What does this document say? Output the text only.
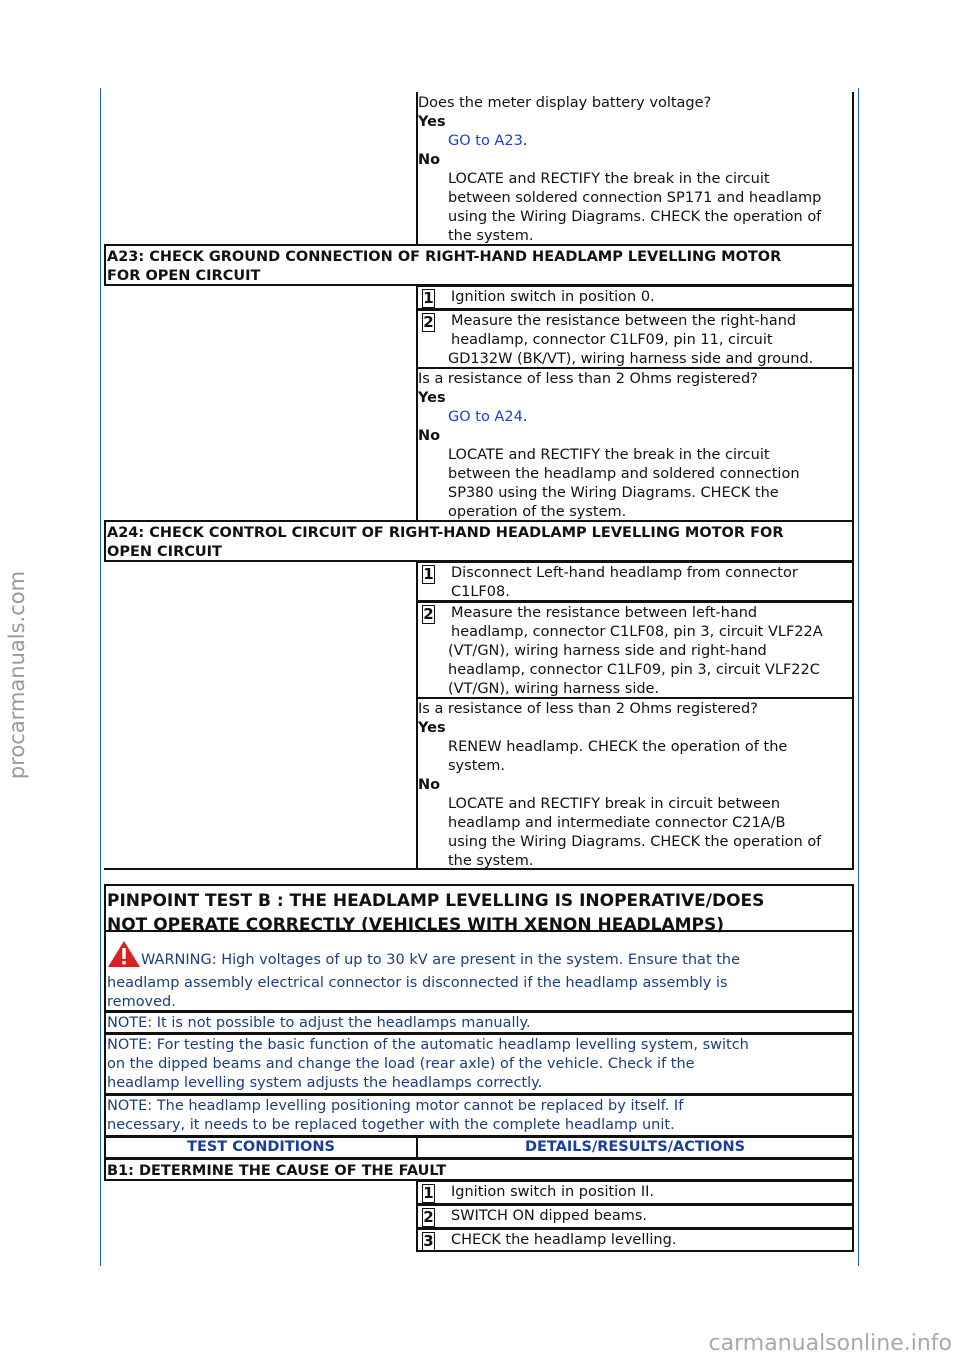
procarmanuals.com
carmanualsonline.info
Does the meter display battery voltage?
Yes
GO to A23.
No
LOCATE and RECTIFY the break in the circuit
between soldered connection SP171 and headlamp
using the Wiring Diagrams. CHECK the operation of
the system.
A23: CHECK GROUND CONNECTION OF RIGHT-HAND HEADLAMP LEVELLING MOTOR
FOR OPEN CIRCUIT
1 Ignition switch in position 0.
2 Measure the resistance between the right-hand
headlamp, connector C1LF09, pin 11, circuit
GD132W (BK/VT), wiring harness side and ground.
Is a resistance of less than 2 Ohms registered?
Yes
GO to A24.
No
LOCATE and RECTIFY the break in the circuit
between the headlamp and soldered connection
SP380 using the Wiring Diagrams. CHECK the
operation of the system.
A24: CHECK CONTROL CIRCUIT OF RIGHT-HAND HEADLAMP LEVELLING MOTOR FOR
OPEN CIRCUIT
1 Disconnect Left-hand headlamp from connector
C1LF08.
2 Measure the resistance between left-hand
headlamp, connector C1LF08, pin 3, circuit VLF22A
(VT/GN), wiring harness side and right-hand
headlamp, connector C1LF09, pin 3, circuit VLF22C
(VT/GN), wiring harness side.
Is a resistance of less than 2 Ohms registered?
Yes
RENEW headlamp. CHECK the operation of the
system.
No
LOCATE and RECTIFY break in circuit between
headlamp and intermediate connector C21A/B
using the Wiring Diagrams. CHECK the operation of
the system.
PINPOINT TEST B : THE HEADLAMP LEVELLING IS INOPERATIVE/DOES
NOT OPERATE CORRECTLY (VEHICLES WITH XENON HEADLAMPS)
WARNING: High voltages of up to 30 kV are present in the system. Ensure that the
headlamp assembly electrical connector is disconnected if the headlamp assembly is
removed.
NOTE: It is not possible to adjust the headlamps manually.
NOTE: For testing the basic function of the automatic headlamp levelling system, switch
on the dipped beams and change the load (rear axle) of the vehicle. Check if the
headlamp levelling system adjusts the headlamps correctly.
NOTE: The headlamp levelling positioning motor cannot be replaced by itself. If
necessary, it needs to be replaced together with the complete headlamp unit.
TEST CONDITIONS	DETAILS/RESULTS/ACTIONS
B1: DETERMINE THE CAUSE OF THE FAULT
1 Ignition switch in position II.
2 SWITCH ON dipped beams.
3 CHECK the headlamp levelling.
